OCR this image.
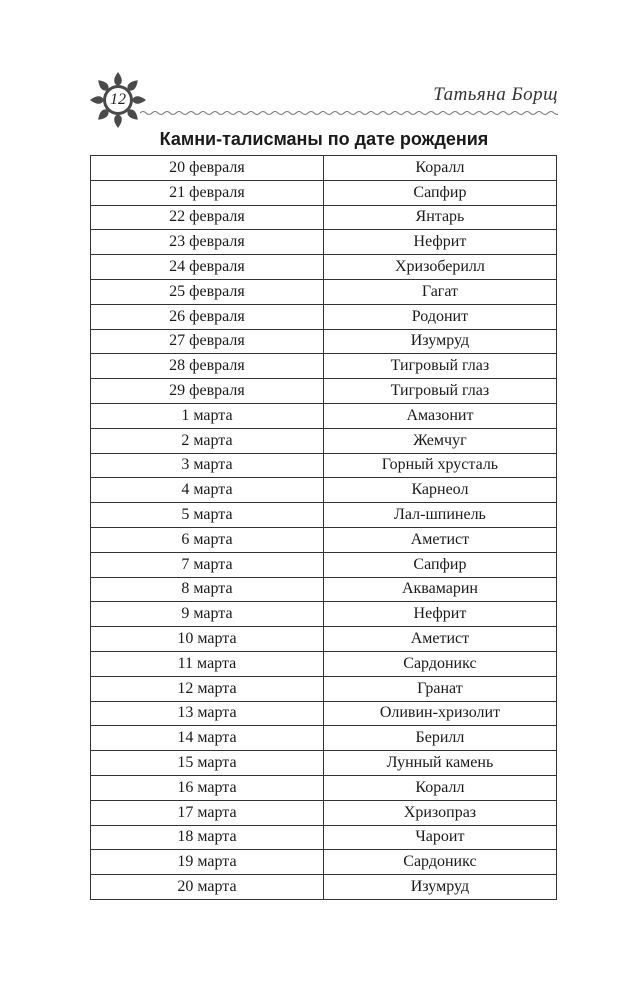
12	Татьяна Борщ
Камни-талисманы по дате рождения
20 февраля	Коралл
21 февраля	Сапфир
22 февраля	Янтарь
23 февраля	Нефрит
24 февраля	Хризоберилл
25 февраля	Гагат
26 февраля	Родонит
27 февраля	Изумруд
28 февраля	Тигровый глаз
29 февраля	Тигровый глаз
1 марта	Амазонит
2 марта	Жемчуг
3 марта	Горный хрусталь
4 марта	Карнеол
5 марта	Лал-шпинель
6 марта	Аметист
7 марта	Сапфир
8 марта	Аквамарин
9 марта	Нефрит
10 марта	Аметист
11 марта	Сардоникс
12 марта	Гранат
13 марта	Оливин-хризолит
14 марта	Берилл
15 марта	Лунный камень
16 марта	Коралл
17 марта	Хризопраз
18 марта	Чароит
19 марта	Сардоникс
20 марта	Изумруд
